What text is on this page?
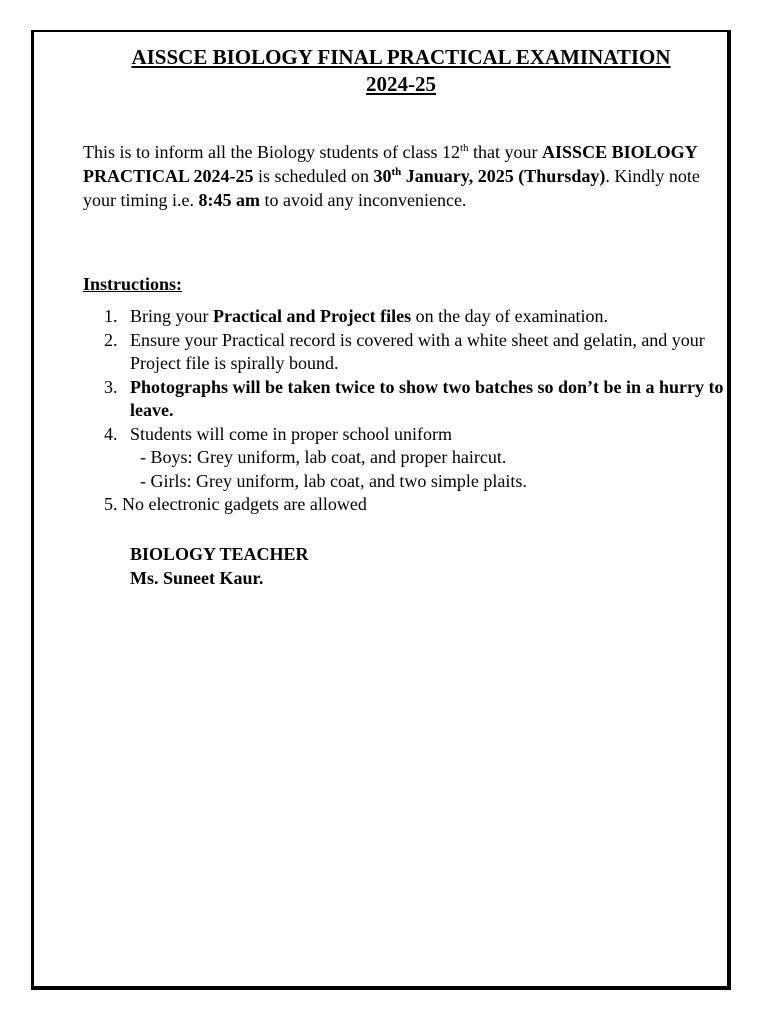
AISSCE BIOLOGY FINAL PRACTICAL EXAMINATION
2024-25
This is to inform all the Biology students of class 12th that your AISSCE BIOLOGY PRACTICAL 2024-25 is scheduled on 30th January, 2025 (Thursday). Kindly note your timing i.e. 8:45 am to avoid any inconvenience.
Instructions:
1. Bring your Practical and Project files on the day of examination.
2. Ensure your Practical record is covered with a white sheet and gelatin, and your Project file is spirally bound.
3. Photographs will be taken twice to show two batches so don’t be in a hurry to leave.
4. Students will come in proper school uniform
- Boys: Grey uniform, lab coat, and proper haircut.
- Girls: Grey uniform, lab coat, and two simple plaits.
5. No electronic gadgets are allowed
BIOLOGY TEACHER
Ms. Suneet Kaur.
